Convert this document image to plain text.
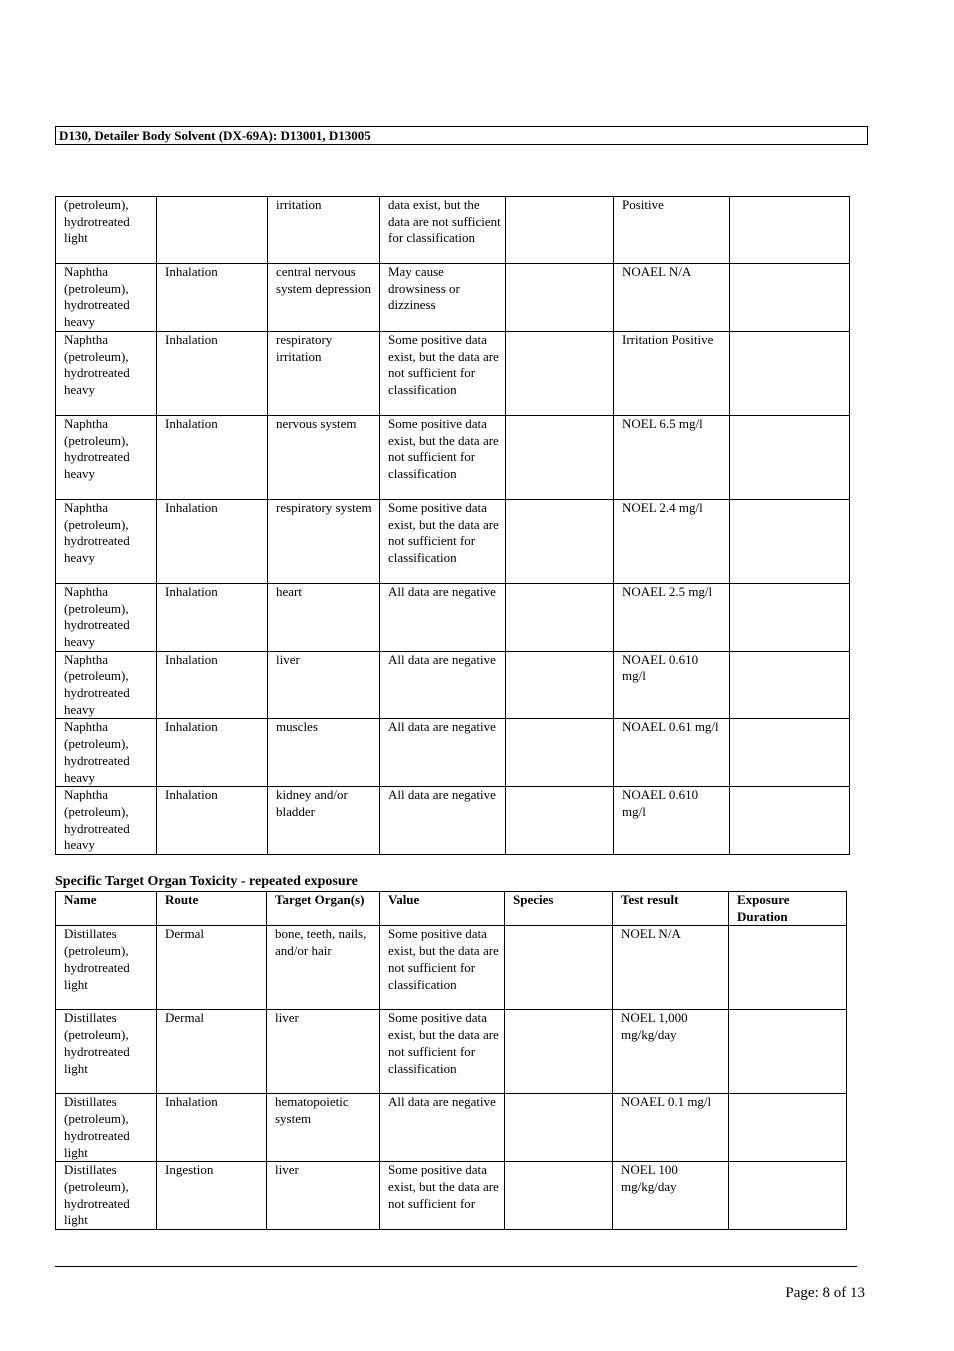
D130, Detailer Body Solvent (DX-69A): D13001, D13005
(petroleum), hydrotreated light		irritation	data exist, but the data are not sufficient for classification		Positive	
Naphtha (petroleum), hydrotreated heavy	Inhalation	central nervous system depression	May cause drowsiness or dizziness		NOAEL N/A	
Naphtha (petroleum), hydrotreated heavy	Inhalation	respiratory irritation	Some positive data exist, but the data are not sufficient for classification		Irritation Positive	
Naphtha (petroleum), hydrotreated heavy	Inhalation	nervous system	Some positive data exist, but the data are not sufficient for classification		NOEL 6.5 mg/l	
Naphtha (petroleum), hydrotreated heavy	Inhalation	respiratory system	Some positive data exist, but the data are not sufficient for classification		NOEL 2.4 mg/l	
Naphtha (petroleum), hydrotreated heavy	Inhalation	heart	All data are negative		NOAEL 2.5 mg/l	
Naphtha (petroleum), hydrotreated heavy	Inhalation	liver	All data are negative		NOAEL 0.610 mg/l	
Naphtha (petroleum), hydrotreated heavy	Inhalation	muscles	All data are negative		NOAEL 0.61 mg/l	
Naphtha (petroleum), hydrotreated heavy	Inhalation	kidney and/or bladder	All data are negative		NOAEL 0.610 mg/l	
Specific Target Organ Toxicity - repeated exposure
Name	Route	Target Organ(s)	Value	Species	Test result	Exposure Duration
Distillates (petroleum), hydrotreated light	Dermal	bone, teeth, nails, and/or hair	Some positive data exist, but the data are not sufficient for classification		NOEL N/A	
Distillates (petroleum), hydrotreated light	Dermal	liver	Some positive data exist, but the data are not sufficient for classification		NOEL 1,000 mg/kg/day	
Distillates (petroleum), hydrotreated light	Inhalation	hematopoietic system	All data are negative		NOAEL 0.1 mg/l	
Distillates (petroleum), hydrotreated light	Ingestion	liver	Some positive data exist, but the data are not sufficient for		NOEL 100 mg/kg/day	
Page: 8 of 13
